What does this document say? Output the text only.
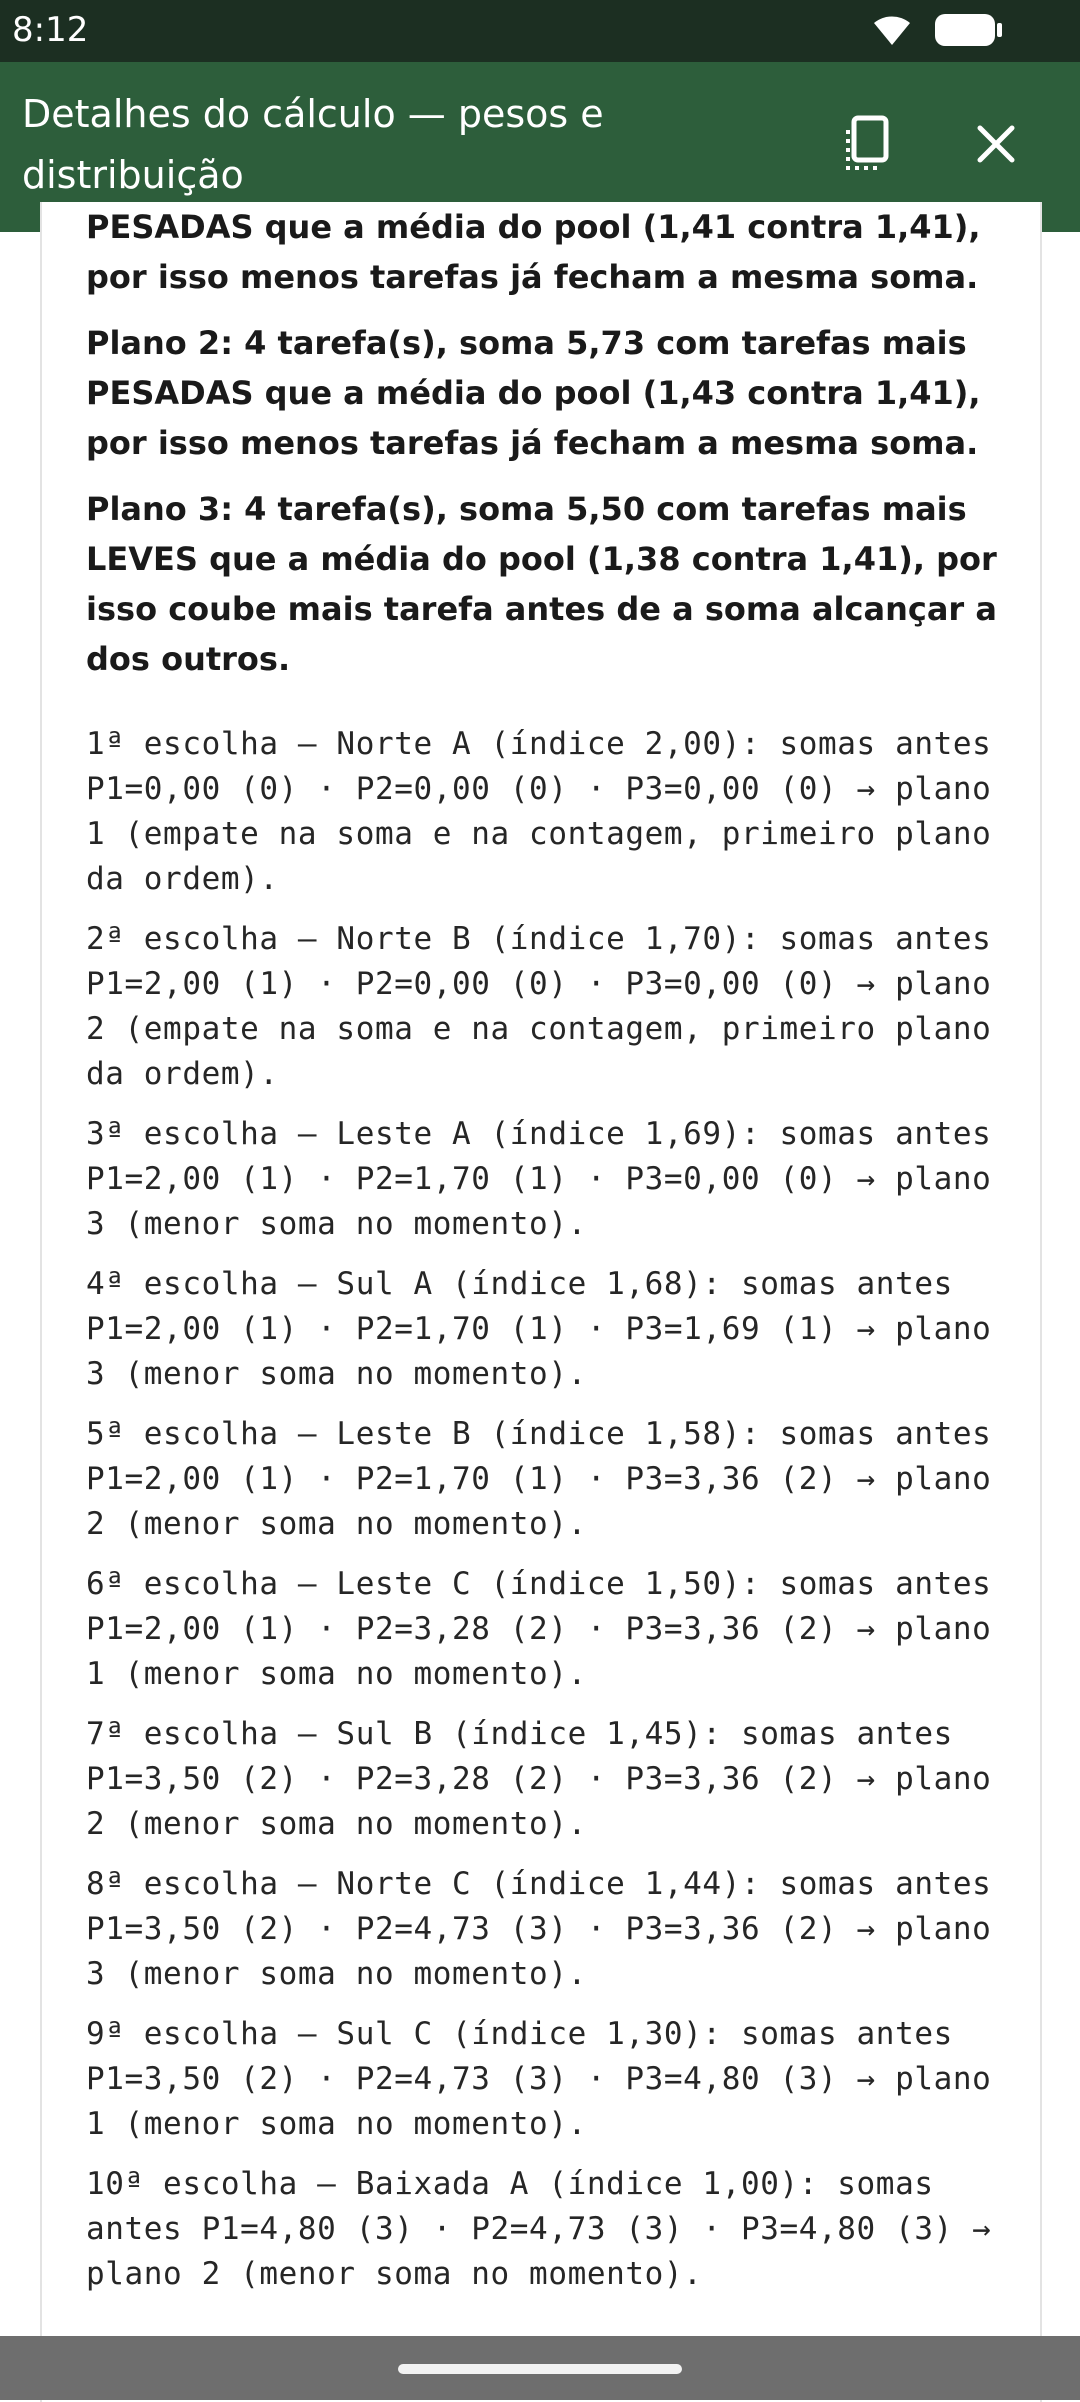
8:12
Detalhes do cálculo — pesos e distribuição

PESADAS que a média do pool (1,41 contra 1,41), por isso menos tarefas já fecham a mesma soma.

Plano 2: 4 tarefa(s), soma 5,73 com tarefas mais PESADAS que a média do pool (1,43 contra 1,41), por isso menos tarefas já fecham a mesma soma.

Plano 3: 4 tarefa(s), soma 5,50 com tarefas mais LEVES que a média do pool (1,38 contra 1,41), por isso coube mais tarefa antes de a soma alcançar a dos outros.

1ª escolha — Norte A (índice 2,00): somas antes P1=0,00 (0) · P2=0,00 (0) · P3=0,00 (0) → plano 1 (empate na soma e na contagem, primeiro plano da ordem).

2ª escolha — Norte B (índice 1,70): somas antes P1=2,00 (1) · P2=0,00 (0) · P3=0,00 (0) → plano 2 (empate na soma e na contagem, primeiro plano da ordem).

3ª escolha — Leste A (índice 1,69): somas antes P1=2,00 (1) · P2=1,70 (1) · P3=0,00 (0) → plano 3 (menor soma no momento).

4ª escolha — Sul A (índice 1,68): somas antes P1=2,00 (1) · P2=1,70 (1) · P3=1,69 (1) → plano 3 (menor soma no momento).

5ª escolha — Leste B (índice 1,58): somas antes P1=2,00 (1) · P2=1,70 (1) · P3=3,36 (2) → plano 2 (menor soma no momento).

6ª escolha — Leste C (índice 1,50): somas antes P1=2,00 (1) · P2=3,28 (2) · P3=3,36 (2) → plano 1 (menor soma no momento).

7ª escolha — Sul B (índice 1,45): somas antes P1=3,50 (2) · P2=3,28 (2) · P3=3,36 (2) → plano 2 (menor soma no momento).

8ª escolha — Norte C (índice 1,44): somas antes P1=3,50 (2) · P2=4,73 (3) · P3=3,36 (2) → plano 3 (menor soma no momento).

9ª escolha — Sul C (índice 1,30): somas antes P1=3,50 (2) · P2=4,73 (3) · P3=4,80 (3) → plano 1 (menor soma no momento).

10ª escolha — Baixada A (índice 1,00): somas antes P1=4,80 (3) · P2=4,73 (3) · P3=4,80 (3) → plano 2 (menor soma no momento).
